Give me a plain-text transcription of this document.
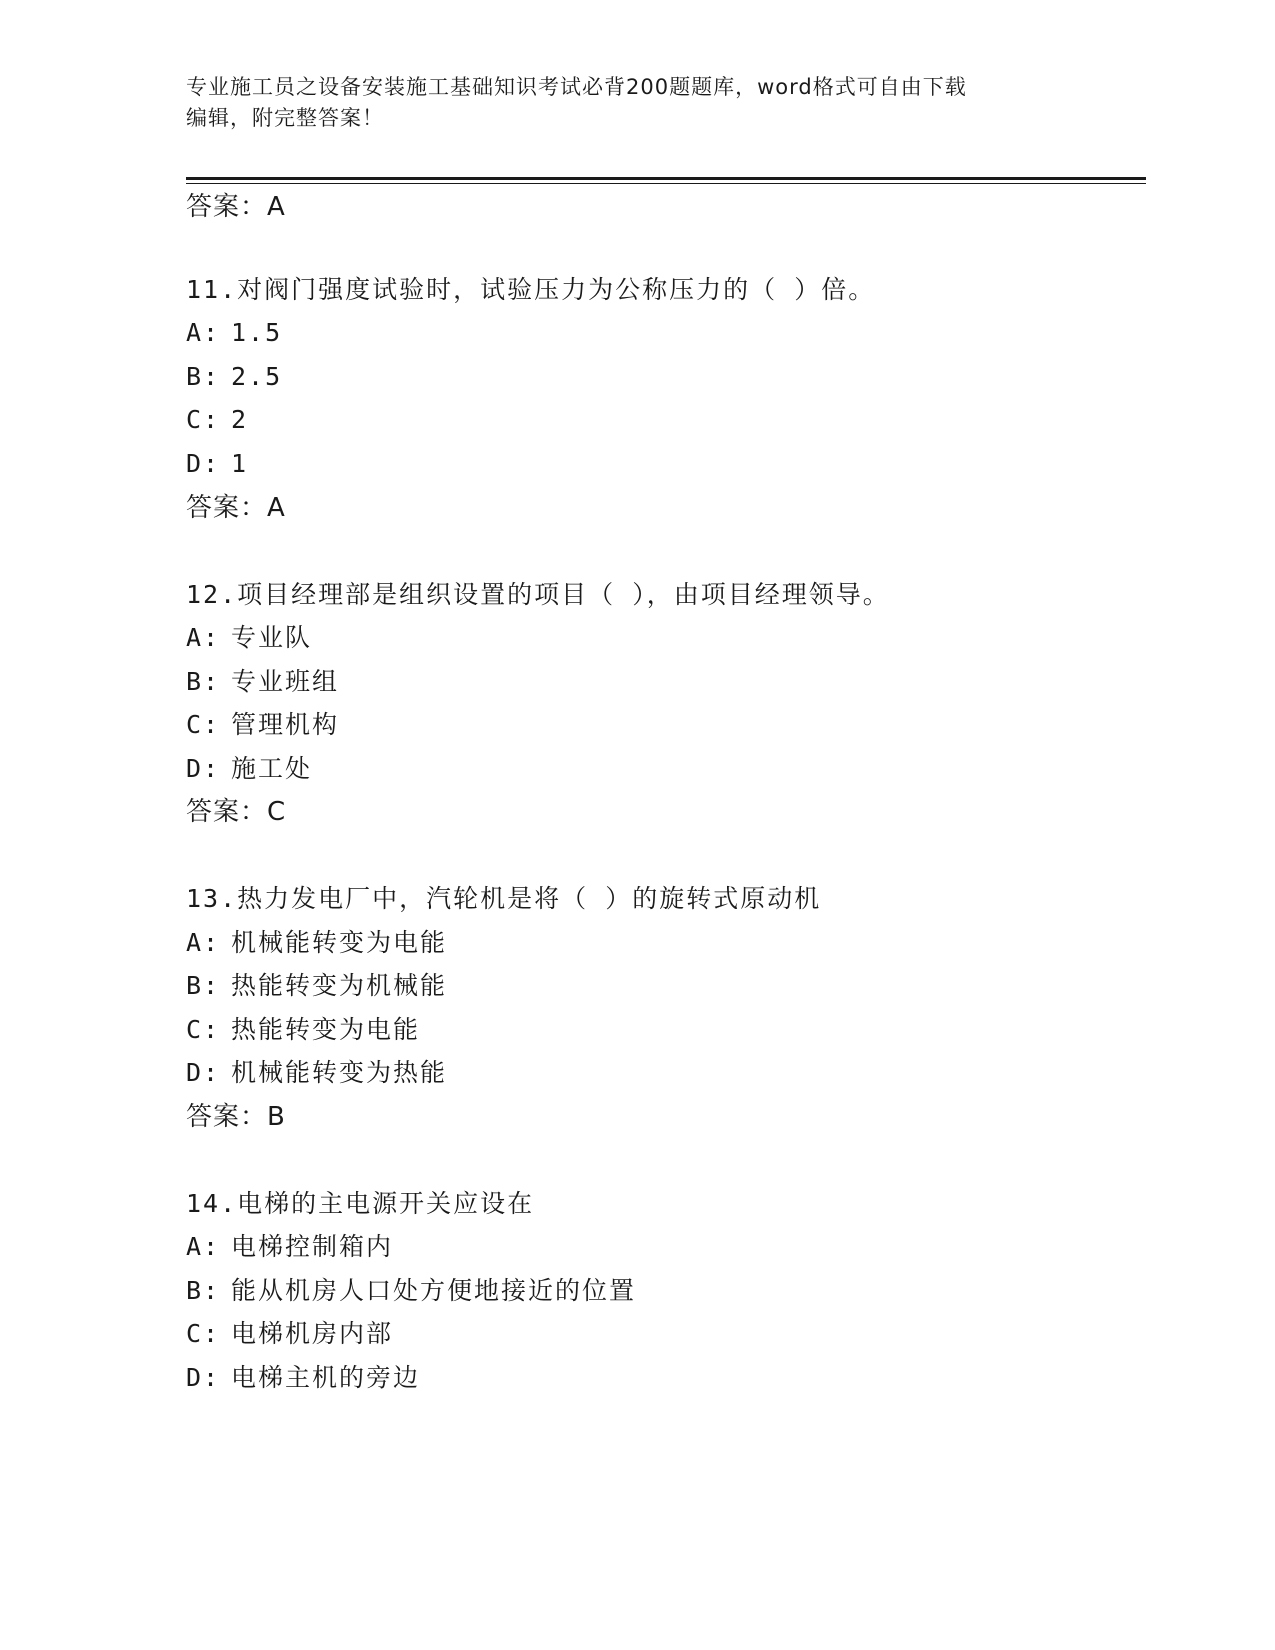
专业施工员之设备安装施工基础知识考试必背200题题库，word格式可自由下载
编辑，附完整答案！
答案：A
11.对阀门强度试验时，试验压力为公称压力的（ ）倍。
A: 1.5
B: 2.5
C: 2
D: 1
答案：A
12.项目经理部是组织设置的项目（ ），由项目经理领导。
A: 专业队
B: 专业班组
C: 管理机构
D: 施工处
答案：C
13.热力发电厂中，汽轮机是将（ ）的旋转式原动机
A: 机械能转变为电能
B: 热能转变为机械能
C: 热能转变为电能
D: 机械能转变为热能
答案：B
14.电梯的主电源开关应设在
A: 电梯控制箱内
B: 能从机房人口处方便地接近的位置
C: 电梯机房内部
D: 电梯主机的旁边
